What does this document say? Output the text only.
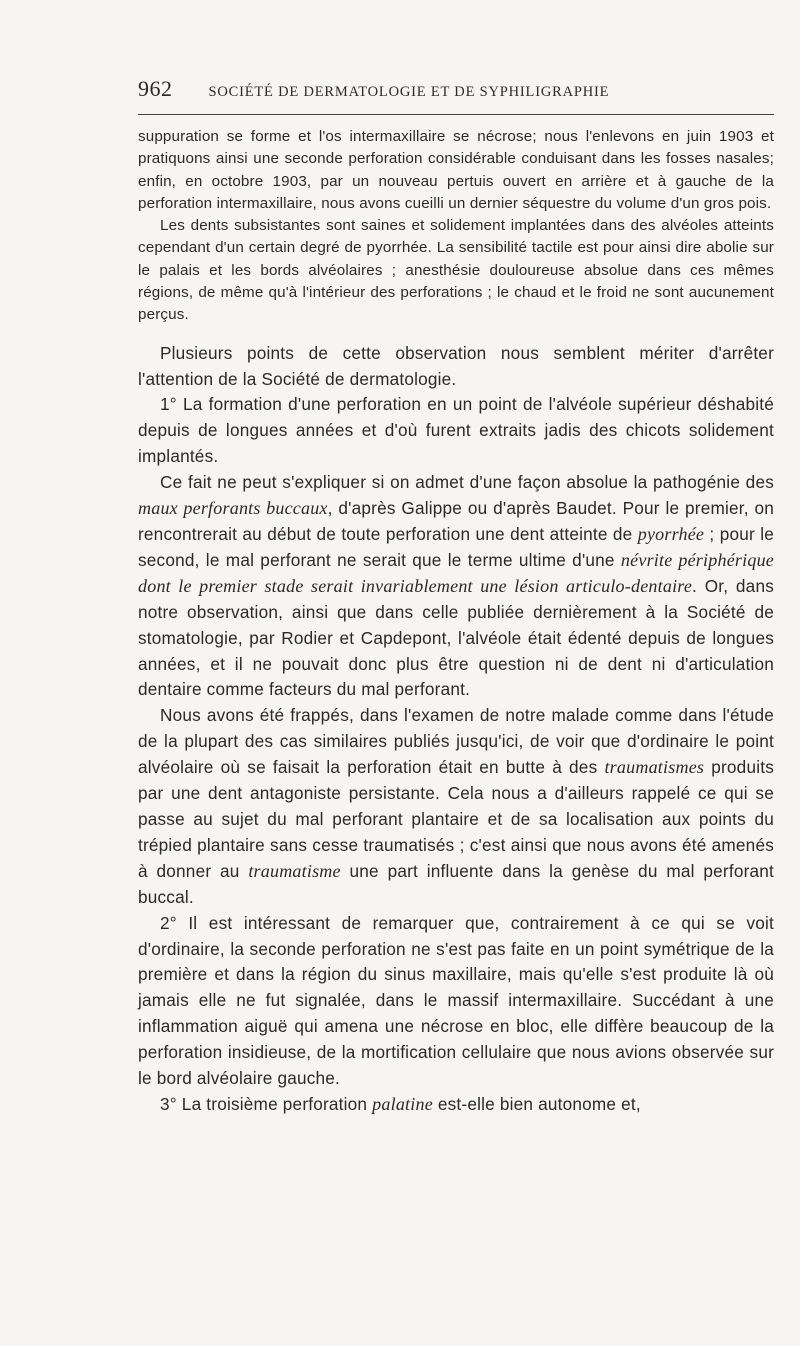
962 SOCIÉTÉ DE DERMATOLOGIE ET DE SYPHILIGRAPHIE

suppuration se forme et l'os intermaxillaire se nécrose; nous l'enlevons en juin 1903 et pratiquons ainsi une seconde perforation considérable conduisant dans les fosses nasales; enfin, en octobre 1903, par un nouveau pertuis ouvert en arrière et à gauche de la perforation intermaxillaire, nous avons cueilli un dernier séquestre du volume d'un gros pois.

Les dents subsistantes sont saines et solidement implantées dans des alvéoles atteints cependant d'un certain degré de pyorrhée. La sensibilité tactile est pour ainsi dire abolie sur le palais et les bords alvéolaires ; anesthésie douloureuse absolue dans ces mêmes régions, de même qu'à l'intérieur des perforations ; le chaud et le froid ne sont aucunement perçus.

Plusieurs points de cette observation nous semblent mériter d'arrêter l'attention de la Société de dermatologie.

1° La formation d'une perforation en un point de l'alvéole supérieur déshabité depuis de longues années et d'où furent extraits jadis des chicots solidement implantés.

Ce fait ne peut s'expliquer si on admet d'une façon absolue la pathogénie des maux perforants buccaux, d'après Galippe ou d'après Baudet. Pour le premier, on rencontrerait au début de toute perforation une dent atteinte de pyorrhée ; pour le second, le mal perforant ne serait que le terme ultime d'une névrite périphérique dont le premier stade serait invariablement une lésion articulo-dentaire. Or, dans notre observation, ainsi que dans celle publiée dernièrement à la Société de stomatologie, par Rodier et Capdepont, l'alvéole était édenté depuis de longues années, et il ne pouvait donc plus être question ni de dent ni d'articulation dentaire comme facteurs du mal perforant.

Nous avons été frappés, dans l'examen de notre malade comme dans l'étude de la plupart des cas similaires publiés jusqu'ici, de voir que d'ordinaire le point alvéolaire où se faisait la perforation était en butte à des traumatismes produits par une dent antagoniste persistante. Cela nous a d'ailleurs rappelé ce qui se passe au sujet du mal perforant plantaire et de sa localisation aux points du trépied plantaire sans cesse traumatisés ; c'est ainsi que nous avons été amenés à donner au traumatisme une part influente dans la genèse du mal perforant buccal.

2° Il est intéressant de remarquer que, contrairement à ce qui se voit d'ordinaire, la seconde perforation ne s'est pas faite en un point symétrique de la première et dans la région du sinus maxillaire, mais qu'elle s'est produite là où jamais elle ne fut signalée, dans le massif intermaxillaire. Succédant à une inflammation aiguë qui amena une nécrose en bloc, elle diffère beaucoup de la perforation insidieuse, de la mortification cellulaire que nous avions observée sur le bord alvéolaire gauche.

3° La troisième perforation palatine est-elle bien autonome et,
